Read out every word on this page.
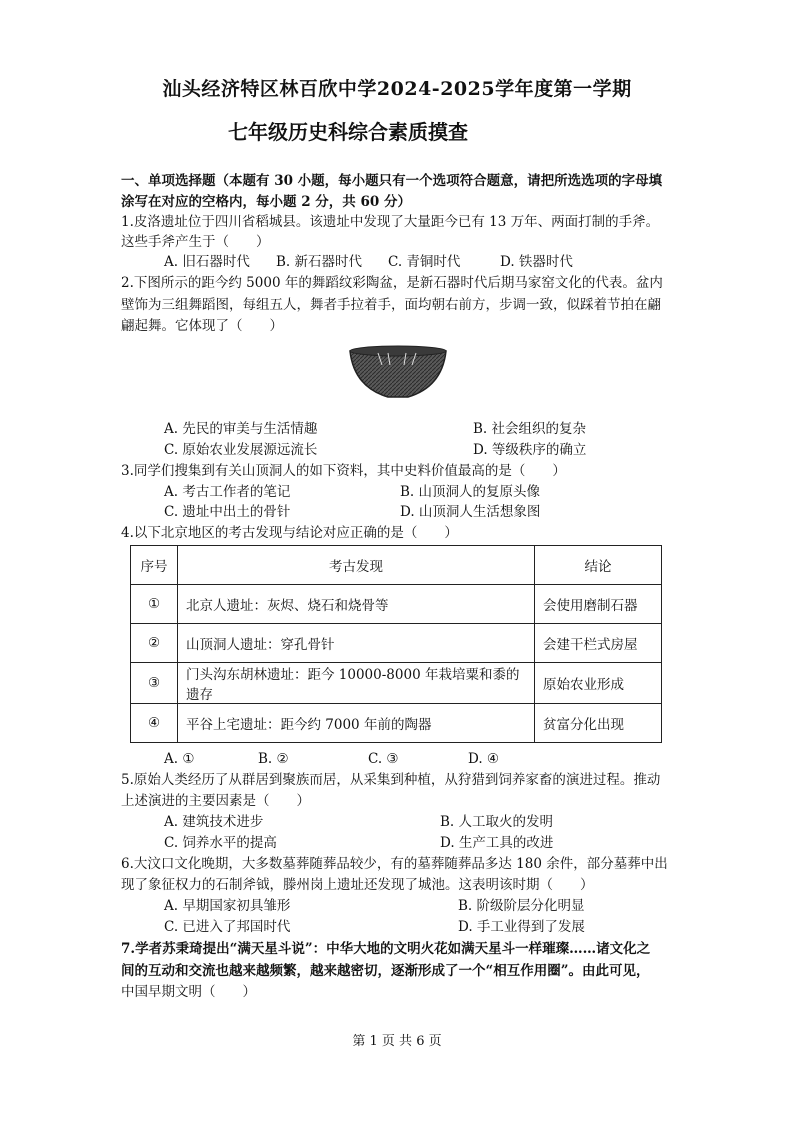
汕头经济特区林百欣中学2024-2025学年度第一学期
七年级历史科综合素质摸查
一、单项选择题（本题有 30 小题，每小题只有一个选项符合题意，请把所选选项的字母填
涂写在对应的空格内，每小题 2 分，共 60 分）
1.皮洛遗址位于四川省稻城县。该遗址中发现了大量距今已有 13 万年、两面打制的手斧。
这些手斧产生于（　　）
A. 旧石器时代 B. 新石器时代 C. 青铜时代	D. 铁器时代
2.下图所示的距今约 5000 年的舞蹈纹彩陶盆，是新石器时代后期马家窑文化的代表。盆内
壁饰为三组舞蹈图，每组五人，舞者手拉着手，面均朝右前方，步调一致，似踩着节拍在翩
翩起舞。它体现了（　　）
A. 先民的审美与生活情趣	B. 社会组织的复杂
C. 原始农业发展源远流长	D. 等级秩序的确立
3.同学们搜集到有关山顶洞人的如下资料，其中史料价值最高的是（　　）
A. 考古工作者的笔记	B. 山顶洞人的复原头像
C. 遗址中出土的骨针	D. 山顶洞人生活想象图
4.以下北京地区的考古发现与结论对应正确的是（　　）
序号	考古发现	结论
①	北京人遗址：灰烬、烧石和烧骨等	会使用磨制石器
②	山顶洞人遗址：穿孔骨针	会建干栏式房屋
③	门头沟东胡林遗址：距今 10000-8000 年栽培粟和黍的遗存	原始农业形成
④	平谷上宅遗址：距今约 7000 年前的陶器	贫富分化出现
A. ①	B. ②	C. ③	D. ④
5.原始人类经历了从群居到聚族而居，从采集到种植，从狩猎到饲养家畜的演进过程。推动
上述演进的主要因素是（　　）
A. 建筑技术进步	B. 人工取火的发明
C. 饲养水平的提高	D. 生产工具的改进
6.大汶口文化晚期，大多数墓葬随葬品较少，有的墓葬随葬品多达 180 余件，部分墓葬中出
现了象征权力的石制斧钺，滕州岗上遗址还发现了城池。这表明该时期（　　）
A. 早期国家初具雏形	B. 阶级阶层分化明显
C. 已进入了邦国时代	D. 手工业得到了发展
7.学者苏秉琦提出“满天星斗说”：中华大地的文明火花如满天星斗一样璀璨……诸文化之
间的互动和交流也越来越频繁，越来越密切，逐渐形成了一个“相互作用圈”。由此可见，
中国早期文明（　　）
第 1 页 共 6 页
